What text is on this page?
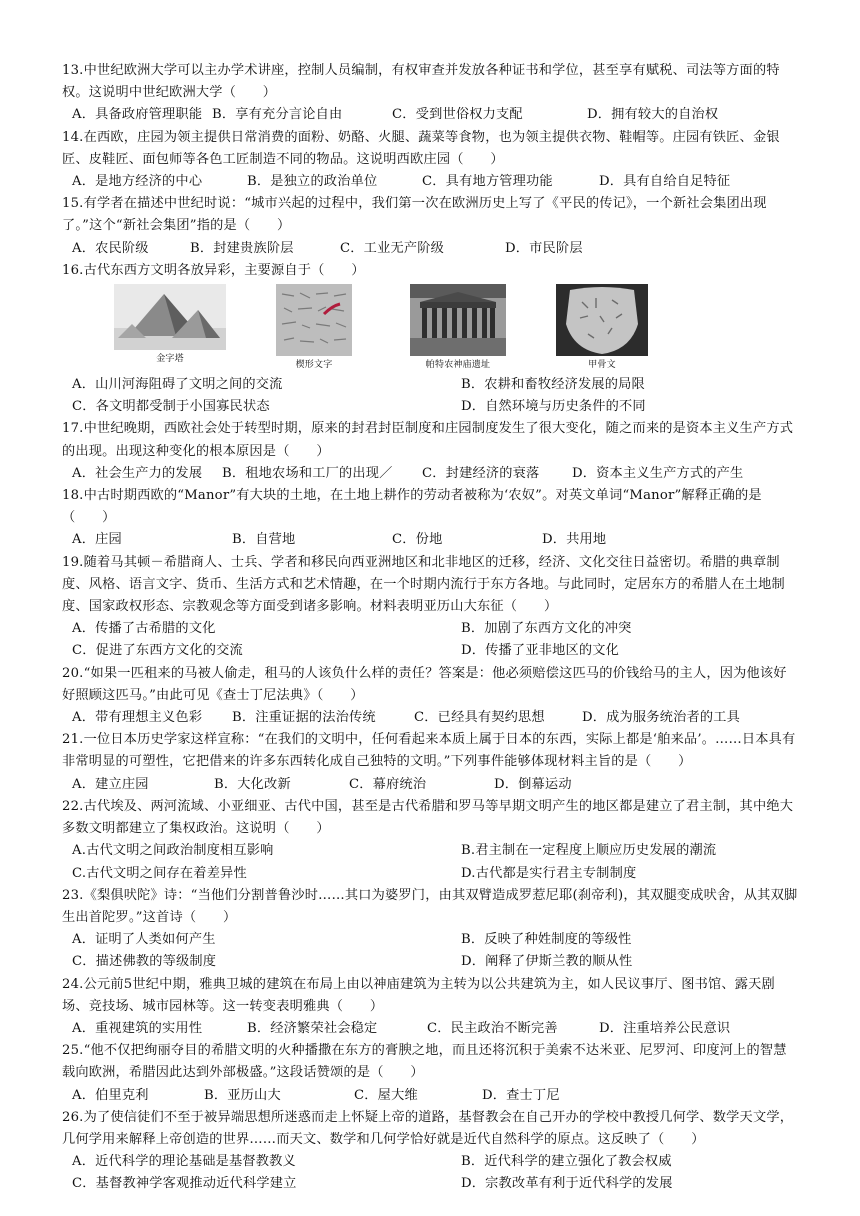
13.中世纪欧洲大学可以主办学术讲座，控制人员编制，有权审查并发放各种证书和学位，甚至享有赋税、司法等方面的特权。这说明中世纪欧洲大学（　　）
A．具备政府管理职能 B．享有充分言论自由	C．受到世俗权力支配	D．拥有较大的自治权
14.在西欧，庄园为领主提供日常消费的面粉、奶酪、火腿、蔬菜等食物，也为领主提供衣物、鞋帽等。庄园有铁匠、金银匠、皮鞋匠、面包师等各色工匠制造不同的物品。这说明西欧庄园（　　）
A．是地方经济的中心	B．是独立的政治单位	C．具有地方管理功能	D．具有自给自足特征
15.有学者在描述中世纪时说：“城市兴起的过程中，我们第一次在欧洲历史上写了《平民的传记》，一个新社会集团出现了。”这个“新社会集团”指的是（　　）
A．农民阶级	B．封建贵族阶层	C．工业无产阶级	D．市民阶层
16.古代东西方文明各放异彩，主要源自于（　　）
金字塔
楔形文字	帕特农神庙遗址	甲骨文
A．山川河海阻碍了文明之间的交流	B．农耕和畜牧经济发展的局限
C．各文明都受制于小国寡民状态	D．自然环境与历史条件的不同
17.中世纪晚期，西欧社会处于转型时期，原来的封君封臣制度和庄园制度发生了很大变化，随之而来的是资本主义生产方式的出现。出现这种变化的根本原因是（　　）
A．社会生产力的发展	B．租地农场和工厂的出现／	C．封建经济的衰落	D．资本主义生产方式的产生
18.中古时期西欧的“Manor”有大块的土地，在土地上耕作的劳动者被称为‘农奴”。对英文单词“Manor”解释正确的是（　　）
A．庄园	B．自营地	C．份地	D．共用地
19.随着马其顿－希腊商人、士兵、学者和移民向西亚洲地区和北非地区的迁移，经济、文化交往日益密切。希腊的典章制度、风格、语言文字、货币、生活方式和艺术情趣，在一个时期内流行于东方各地。与此同时，定居东方的希腊人在土地制度、国家政权形态、宗教观念等方面受到诸多影响。材料表明亚历山大东征（　　）
A．传播了古希腊的文化	B．加剧了东西方文化的冲突
C．促进了东西方文化的交流	D．传播了亚非地区的文化
20.“如果一匹租来的马被人偷走，租马的人该负什么样的责任？答案是：他必须赔偿这匹马的价钱给马的主人，因为他该好好照顾这匹马。”由此可见《查士丁尼法典》（　　）
A．带有理想主义色彩	B．注重证据的法治传统	C．已经具有契约思想	D．成为服务统治者的工具
21.一位日本历史学家这样宣称：“在我们的文明中，任何看起来本质上属于日本的东西，实际上都是‘舶来品’。……日本具有非常明显的可塑性，它把借来的许多东西转化成自己独特的文明。”下列事件能够体现材料主旨的是（　　）
A．建立庄园	B．大化改新	C．幕府统治	D．倒幕运动
22.古代埃及、两河流域、小亚细亚、古代中国，甚至是古代希腊和罗马等早期文明产生的地区都是建立了君主制，其中绝大多数文明都建立了集权政治。这说明（　　）
A.古代文明之间政治制度相互影响	B.君主制在一定程度上顺应历史发展的潮流
C.古代文明之间存在着差异性	D.古代都是实行君主专制制度
23.《梨俱吠陀》诗：“当他们分割普鲁沙时……其口为婆罗门，由其双臂造成罗惹尼耶(刹帝利)，其双腿变成吠舍，从其双脚生出首陀罗。”这首诗（　　）
A．证明了人类如何产生	B．反映了种姓制度的等级性
C．描述佛教的等级制度	D．阐释了伊斯兰教的顺从性
24.公元前5世纪中期，雅典卫城的建筑在布局上由以神庙建筑为主转为以公共建筑为主，如人民议事厅、图书馆、露天剧场、竞技场、城市园林等。这一转变表明雅典（　　）
A．重视建筑的实用性	B．经济繁荣社会稳定	C．民主政治不断完善	D．注重培养公民意识
25.“他不仅把绚丽夺目的希腊文明的火种播撒在东方的膏腴之地，而且还将沉积于美索不达米亚、尼罗河、印度河上的智慧载向欧洲，希腊因此达到外部极盛。”这段话赞颂的是（　　）
A．伯里克利	B．亚历山大	C．屋大维	D．查士丁尼
26.为了使信徒们不至于被异端思想所迷惑而走上怀疑上帝的道路，基督教会在自己开办的学校中教授几何学、数学天文学，几何学用来解释上帝创造的世界……而天文、数学和几何学恰好就是近代自然科学的原点。这反映了（　　）
A．近代科学的理论基础是基督教教义	B．近代科学的建立强化了教会权威
C．基督教神学客观推动近代科学建立	D．宗教改革有利于近代科学的发展
